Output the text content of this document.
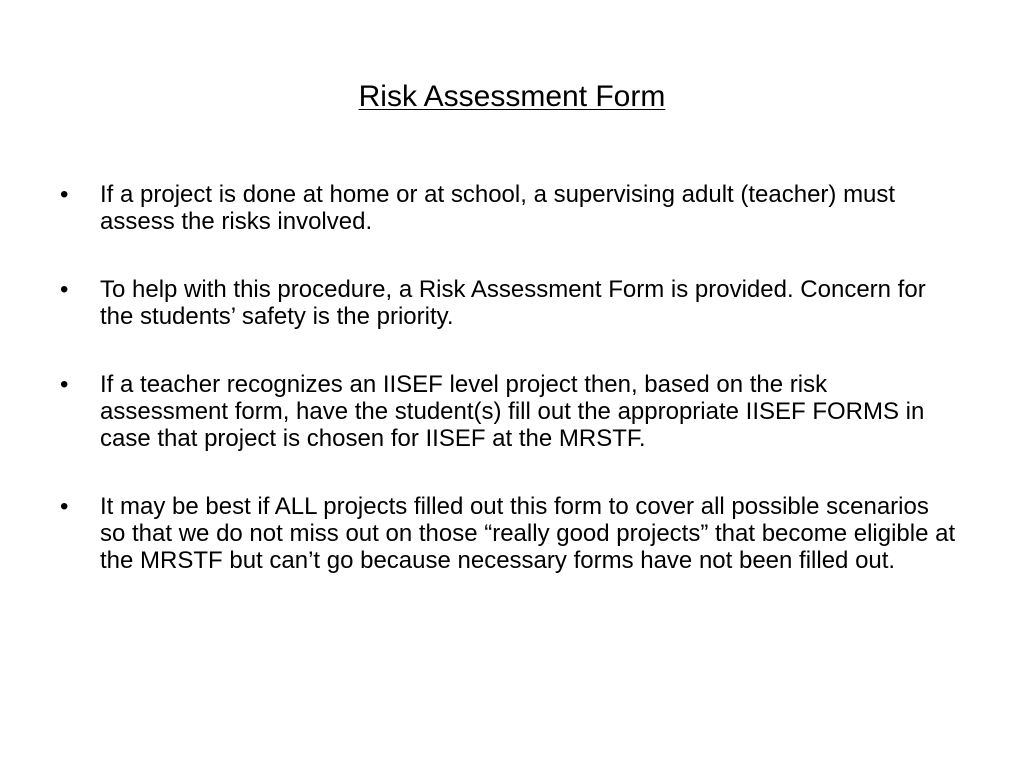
Risk Assessment Form
•	If a project is done at home or at school, a supervising adult (teacher) must assess the risks involved.
•	To help with this procedure, a Risk Assessment Form is provided. Concern for the students’ safety is the priority.
•	If a teacher recognizes an IISEF level project then, based on the risk assessment form, have the student(s) fill out the appropriate IISEF FORMS in case that project is chosen for IISEF at the MRSTF.
•	It may be best if ALL projects filled out this form to cover all possible scenarios so that we do not miss out on those “really good projects” that become eligible at the MRSTF but can’t go because necessary forms have not been filled out.
